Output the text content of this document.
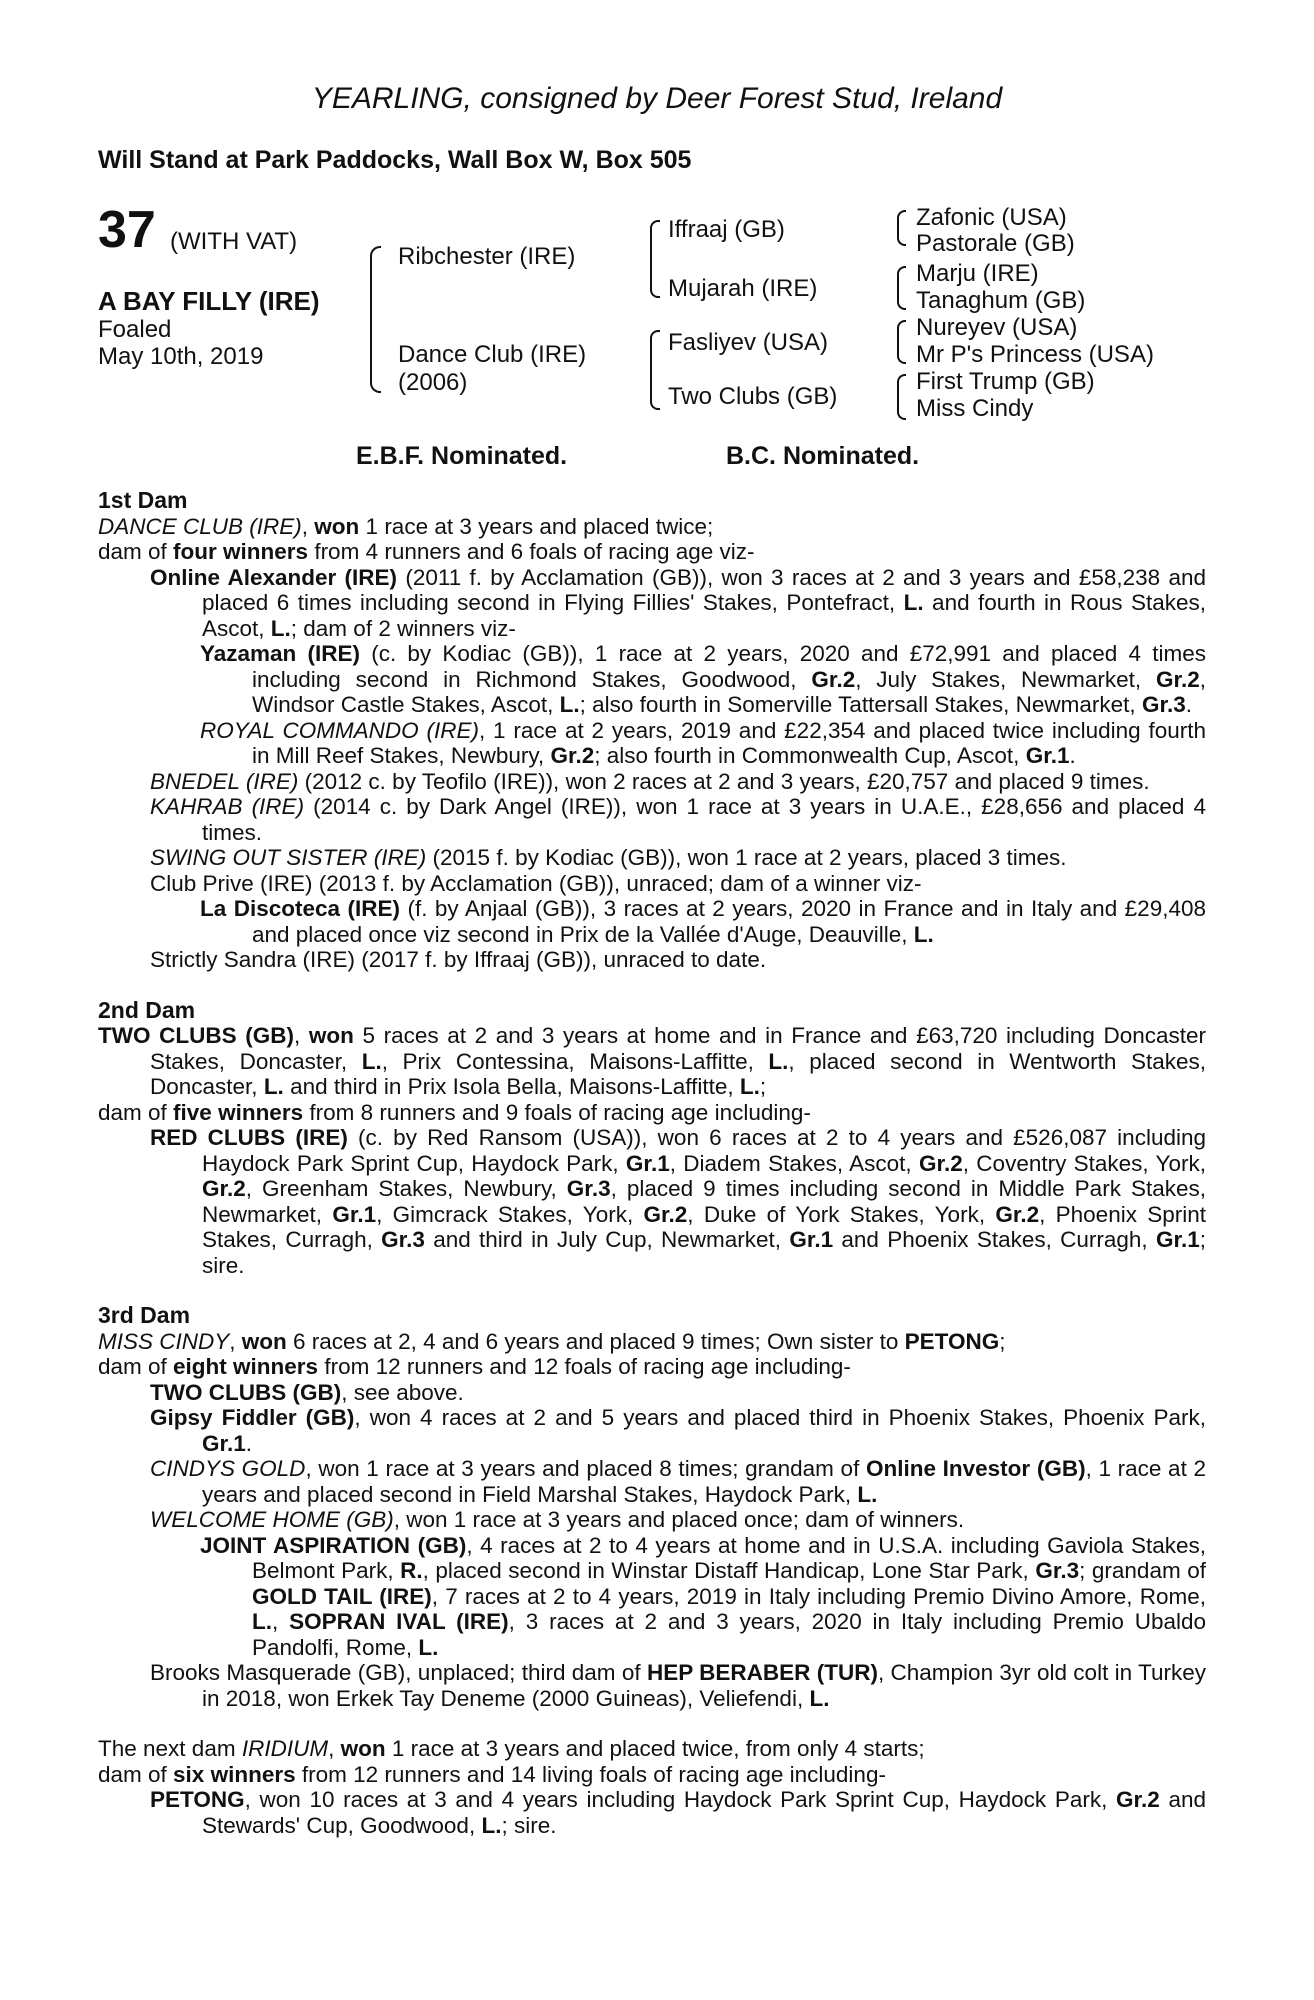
YEARLING, consigned by Deer Forest Stud, Ireland
Will Stand at Park Paddocks, Wall Box W, Box 505
37 (WITH VAT)
A BAY FILLY (IRE)
Foaled
May 10th, 2019
Ribchester (IRE)
Dance Club (IRE)
(2006)
Iffraaj (GB)
Mujarah (IRE)
Fasliyev (USA)
Two Clubs (GB)
Zafonic (USA)
Pastorale (GB)
Marju (IRE)
Tanaghum (GB)
Nureyev (USA)
Mr P's Princess (USA)
First Trump (GB)
Miss Cindy
E.B.F. Nominated.	B.C. Nominated.

1st Dam

DANCE CLUB (IRE), won 1 race at 3 years and placed twice;

dam of four winners from 4 runners and 6 foals of racing age viz-

Online Alexander (IRE) (2011 f. by Acclamation (GB)), won 3 races at 2 and 3 years and £58,238 and placed 6 times including second in Flying Fillies' Stakes, Pontefract, L. and fourth in Rous Stakes, Ascot, L.; dam of 2 winners viz-

Yazaman (IRE) (c. by Kodiac (GB)), 1 race at 2 years, 2020 and £72,991 and placed 4 times including second in Richmond Stakes, Goodwood, Gr.2, July Stakes, Newmarket, Gr.2, Windsor Castle Stakes, Ascot, L.; also fourth in Somerville Tattersall Stakes, Newmarket, Gr.3.

ROYAL COMMANDO (IRE), 1 race at 2 years, 2019 and £22,354 and placed twice including fourth in Mill Reef Stakes, Newbury, Gr.2; also fourth in Commonwealth Cup, Ascot, Gr.1.

BNEDEL (IRE) (2012 c. by Teofilo (IRE)), won 2 races at 2 and 3 years, £20,757 and placed 9 times.

KAHRAB (IRE) (2014 c. by Dark Angel (IRE)), won 1 race at 3 years in U.A.E., £28,656 and placed 4 times.

SWING OUT SISTER (IRE) (2015 f. by Kodiac (GB)), won 1 race at 2 years, placed 3 times.

Club Prive (IRE) (2013 f. by Acclamation (GB)), unraced; dam of a winner viz-

La Discoteca (IRE) (f. by Anjaal (GB)), 3 races at 2 years, 2020 in France and in Italy and £29,408 and placed once viz second in Prix de la Vallée d'Auge, Deauville, L.

Strictly Sandra (IRE) (2017 f. by Iffraaj (GB)), unraced to date.

2nd Dam

TWO CLUBS (GB), won 5 races at 2 and 3 years at home and in France and £63,720 including Doncaster Stakes, Doncaster, L., Prix Contessina, Maisons-Laffitte, L., placed second in Wentworth Stakes, Doncaster, L. and third in Prix Isola Bella, Maisons-Laffitte, L.;

dam of five winners from 8 runners and 9 foals of racing age including-

RED CLUBS (IRE) (c. by Red Ransom (USA)), won 6 races at 2 to 4 years and £526,087 including Haydock Park Sprint Cup, Haydock Park, Gr.1, Diadem Stakes, Ascot, Gr.2, Coventry Stakes, York, Gr.2, Greenham Stakes, Newbury, Gr.3, placed 9 times including second in Middle Park Stakes, Newmarket, Gr.1, Gimcrack Stakes, York, Gr.2, Duke of York Stakes, York, Gr.2, Phoenix Sprint Stakes, Curragh, Gr.3 and third in July Cup, Newmarket, Gr.1 and Phoenix Stakes, Curragh, Gr.1; sire.

3rd Dam

MISS CINDY, won 6 races at 2, 4 and 6 years and placed 9 times; Own sister to PETONG;

dam of eight winners from 12 runners and 12 foals of racing age including-

TWO CLUBS (GB), see above.

Gipsy Fiddler (GB), won 4 races at 2 and 5 years and placed third in Phoenix Stakes, Phoenix Park, Gr.1.

CINDYS GOLD, won 1 race at 3 years and placed 8 times; grandam of Online Investor (GB), 1 race at 2 years and placed second in Field Marshal Stakes, Haydock Park, L.

WELCOME HOME (GB), won 1 race at 3 years and placed once; dam of winners.

JOINT ASPIRATION (GB), 4 races at 2 to 4 years at home and in U.S.A. including Gaviola Stakes, Belmont Park, R., placed second in Winstar Distaff Handicap, Lone Star Park, Gr.3; grandam of GOLD TAIL (IRE), 7 races at 2 to 4 years, 2019 in Italy including Premio Divino Amore, Rome, L., SOPRAN IVAL (IRE), 3 races at 2 and 3 years, 2020 in Italy including Premio Ubaldo Pandolfi, Rome, L.

Brooks Masquerade (GB), unplaced; third dam of HEP BERABER (TUR), Champion 3yr old colt in Turkey in 2018, won Erkek Tay Deneme (2000 Guineas), Veliefendi, L.

The next dam IRIDIUM, won 1 race at 3 years and placed twice, from only 4 starts;

dam of six winners from 12 runners and 14 living foals of racing age including-

PETONG, won 10 races at 3 and 4 years including Haydock Park Sprint Cup, Haydock Park, Gr.2 and Stewards' Cup, Goodwood, L.; sire.
